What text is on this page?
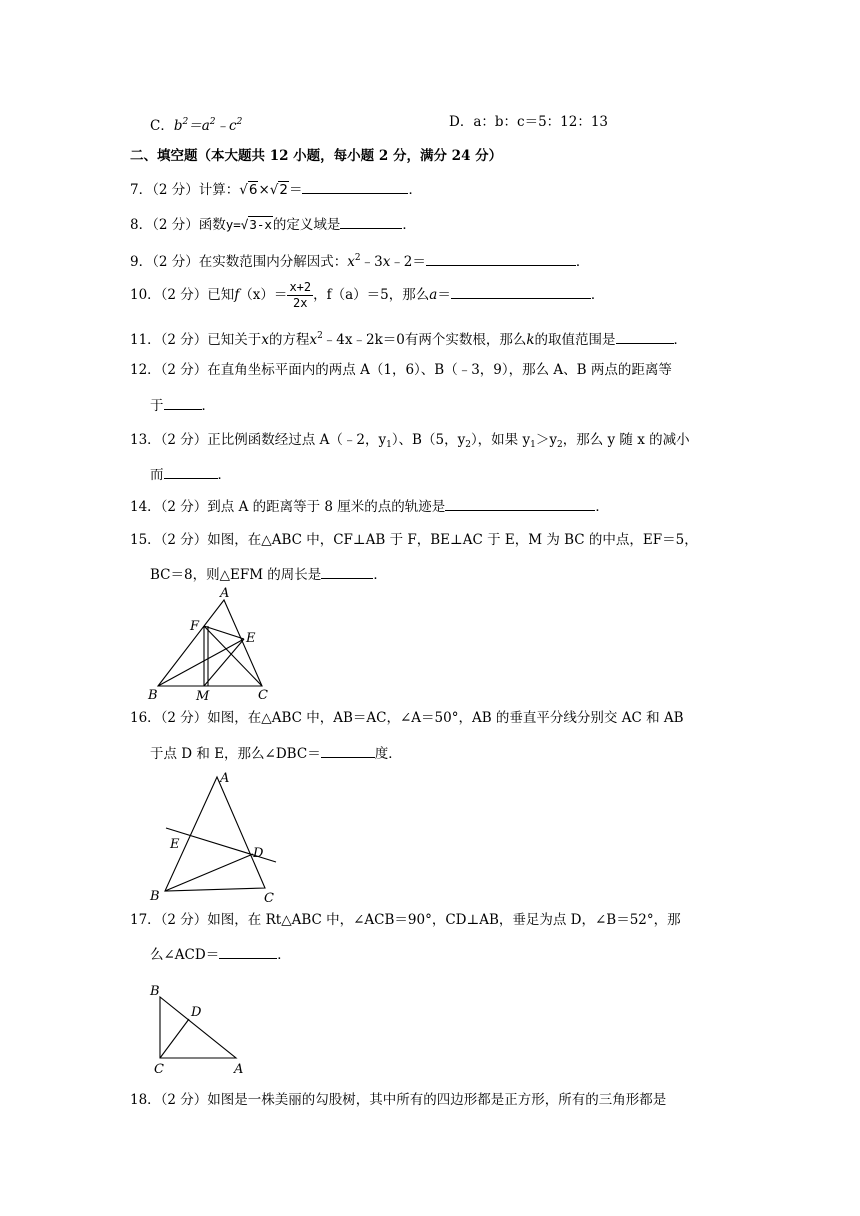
C．$b^2=a^2﹣c^2$	D．a：b：c＝5：12：13
二、填空题（本大题共 12 小题，每小题 2 分，满分 24 分）
7．（2 分）计算：√6×√2＝	．
8．（2 分）函数y=√3-x的定义域是	．
9．（2 分）在实数范围内分解因式：$x^2﹣3x﹣2=$	．
10．（2 分）已知$f(x)= \frac{x+2}{2x}$ ，f（a）＝5，那么a＝	．
11．（2 分）已知关于x的方程$x^2﹣4x﹣2k=0$有两个实数根，那么k的取值范围是	．
12．（2 分）在直角坐标平面内的两点 A（1，6）、B（﹣3，9），那么 A、B 两点的距离等
于	．
13．（2 分）正比例函数经过点 A（﹣2，$y_1$）、B（5，$y_2$），如果 $y_1>y_2$，那么 y 随 x 的减小
而	．
14．（2 分）到点 A 的距离等于 8 厘米的点的轨迹是	．
15．（2 分）如图，在△ABC 中，CF⊥AB 于 F，BE⊥AC 于 E，M 为 BC 的中点，EF＝5，
BC＝8，则△EFM 的周长是	．
A
F
E
B	M	C
16．（2 分）如图，在△ABC 中，AB＝AC，∠A＝50°，AB 的垂直平分线分别交 AC 和 AB
于点 D 和 E，那么∠DBC＝	度．
A
E
D
B	C
17．（2 分）如图，在 Rt△ABC 中，∠ACB＝90°，CD⊥AB，垂足为点 D，∠B＝52°，那
么∠ACD＝	．
B
D
C	A
18．（2 分）如图是一株美丽的勾股树，其中所有的四边形都是正方形，所有的三角形都是
